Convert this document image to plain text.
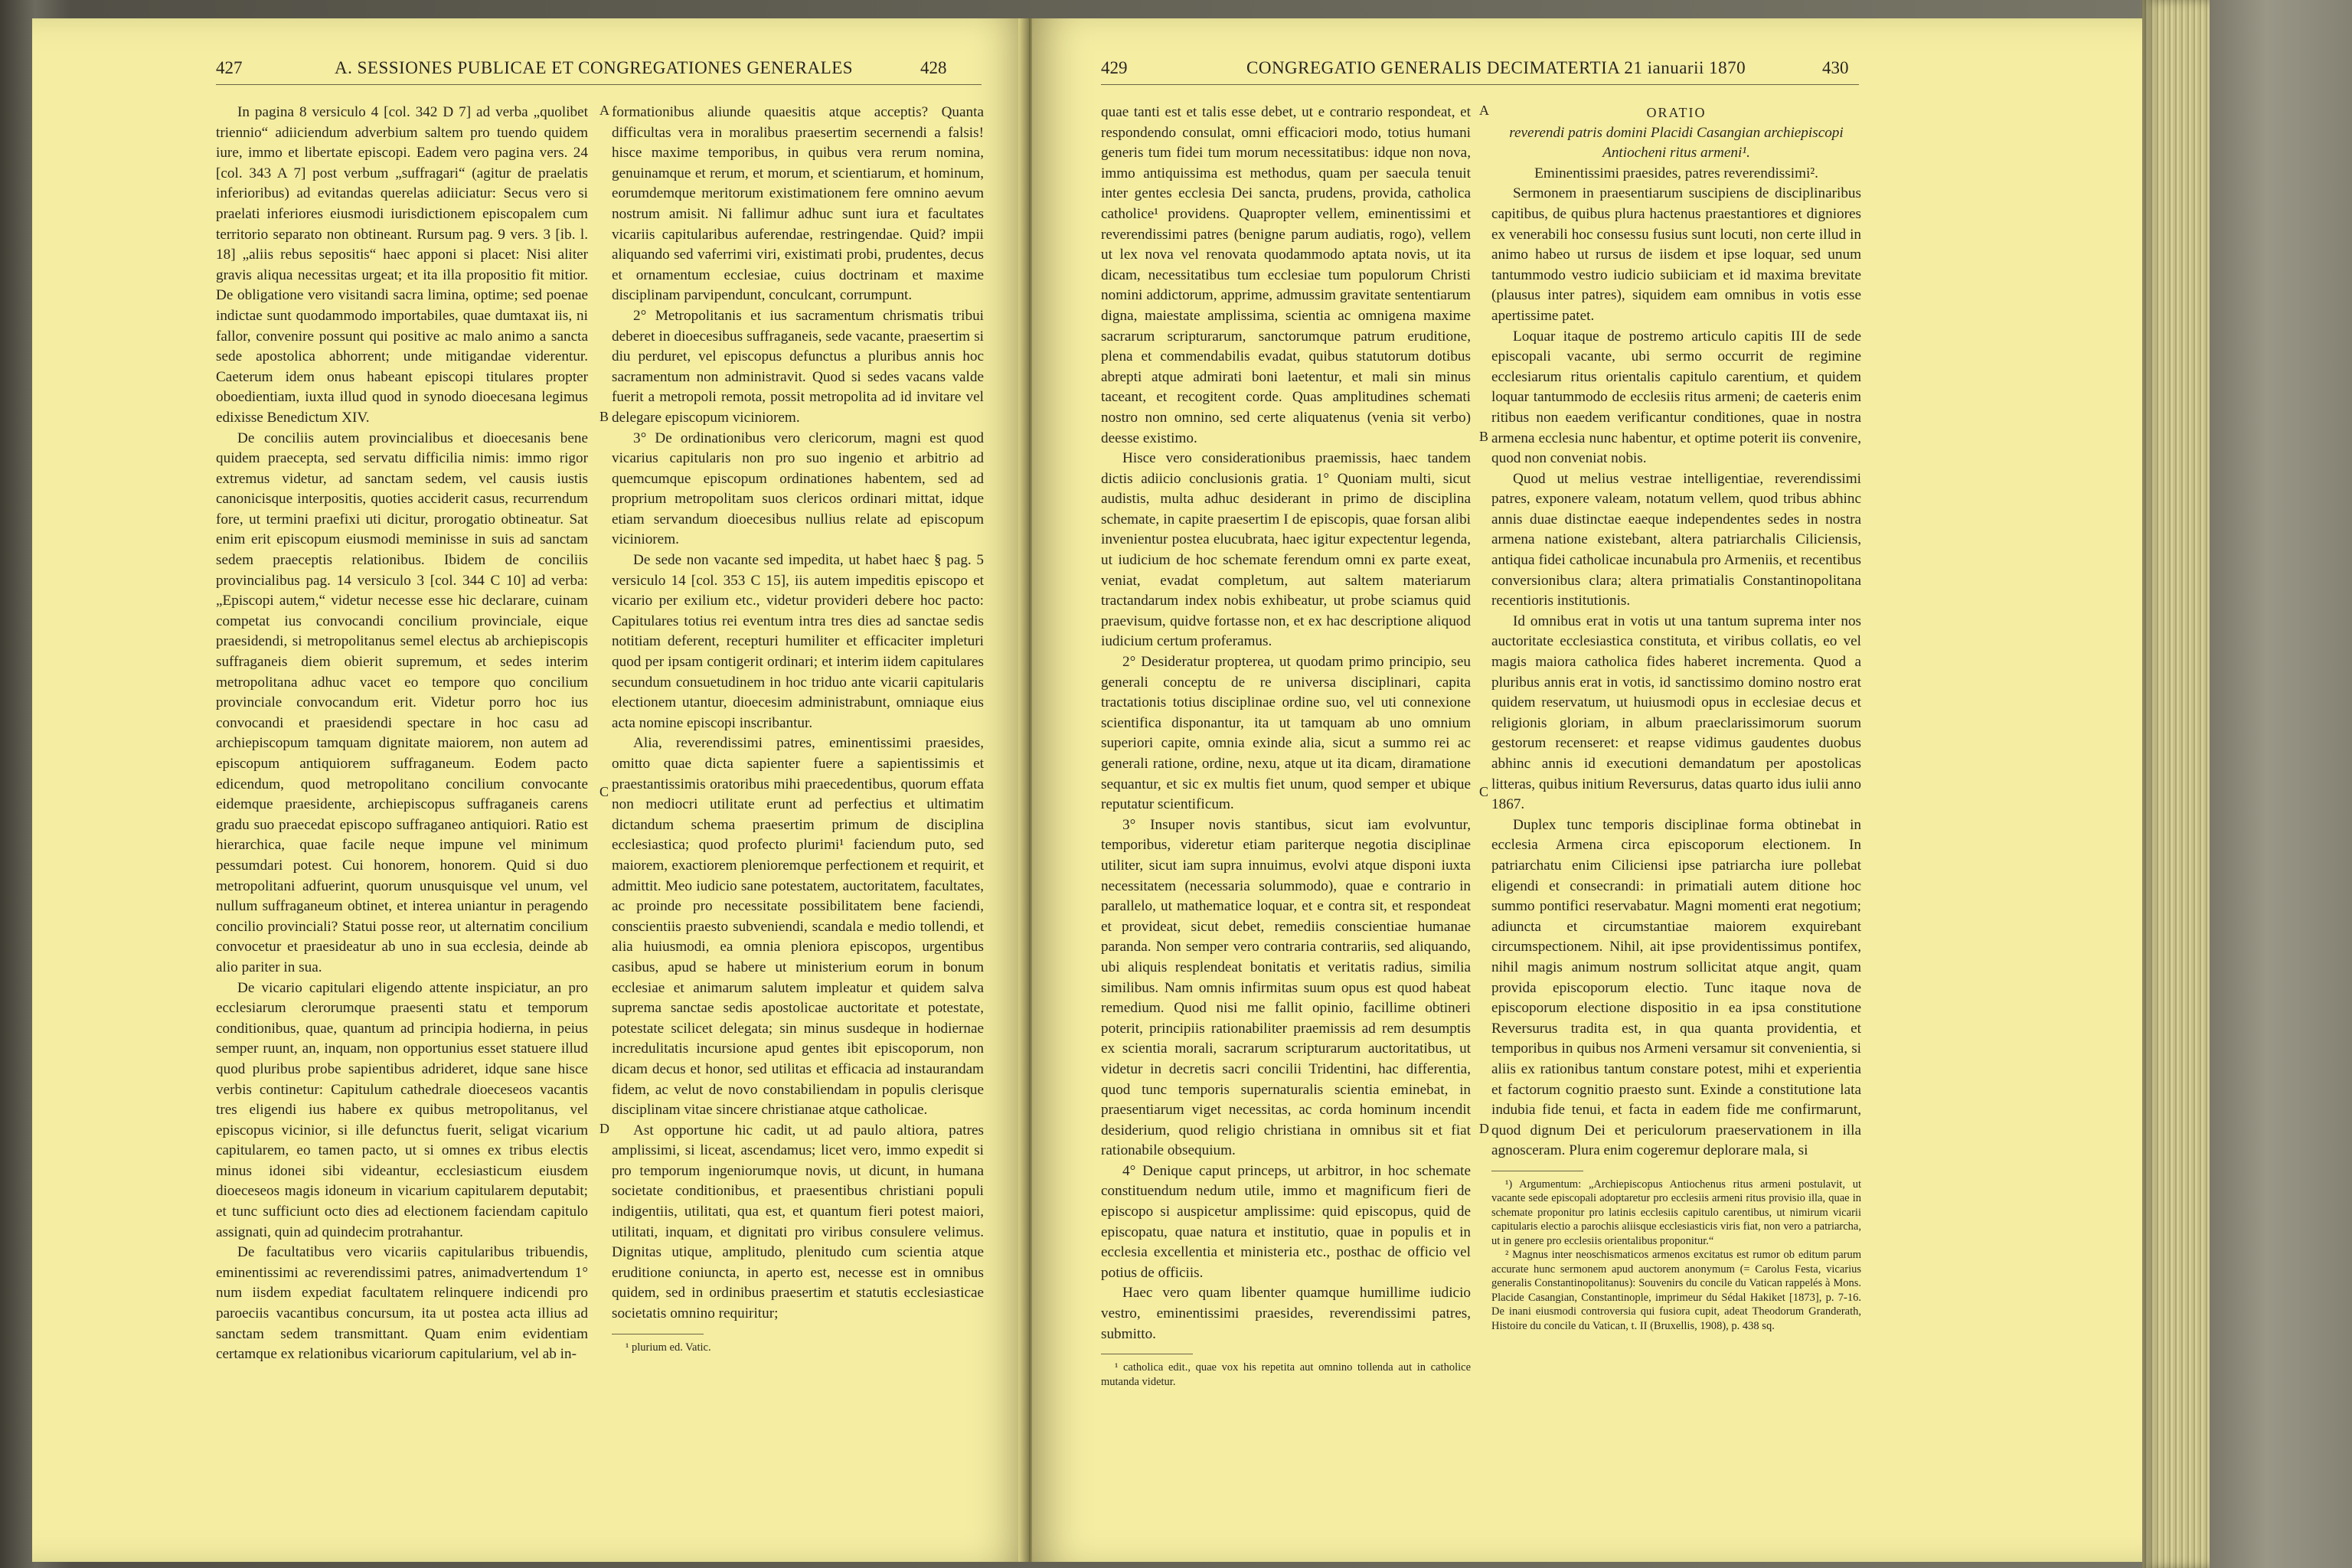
427	A. SESSIONES PUBLICAE ET CONGREGATIONES GENERALES	428

In pagina 8 versiculo 4 [col. 342 D 7] ad verba „quolibet triennio“ adiiciendum adverbium saltem pro tuendo quidem iure, immo et libertate episcopi. Eadem vero pagina vers. 24 [col. 343 A 7] post verbum „suffragari“ (agitur de praelatis inferioribus) ad evitandas querelas adiiciatur: Secus vero si praelati inferiores eiusmodi iurisdictionem episcopalem cum territorio separato non obtineant. Rursum pag. 9 vers. 3 [ib. l. 18] „aliis rebus sepositis“ haec apponi si placet: Nisi aliter gravis aliqua necessitas urgeat; et ita illa propositio fit mitior. De obligatione vero visitandi sacra limina, optime; sed poenae indictae sunt quodammodo importabiles, quae dumtaxat iis, ni fallor, convenire possunt qui positive ac malo animo a sancta sede apostolica abhorrent; unde mitigandae viderentur. Caeterum idem onus habeant episcopi titulares propter oboedientiam, iuxta illud quod in synodo dioecesana legimus edixisse Benedictum XIV.

De conciliis autem provincialibus et dioecesanis bene quidem praecepta, sed servatu difficilia nimis: immo rigor extremus videtur, ad sanctam sedem, vel causis iustis canonicisque interpositis, quoties acciderit casus, recurrendum fore, ut termini praefixi uti dicitur, prorogatio obtineatur. Sat enim erit episcopum eiusmodi meminisse in suis ad sanctam sedem praeceptis relationibus. Ibidem de conciliis provincialibus pag. 14 versiculo 3 [col. 344 C 10] ad verba: „Episcopi autem,“ videtur necesse esse hic declarare, cuinam competat ius convocandi concilium provinciale, eique praesidendi, si metropolitanus semel electus ab archiepiscopis suffraganeis diem obierit supremum, et sedes interim metropolitana adhuc vacet eo tempore quo concilium provinciale convocandum erit. Videtur porro hoc ius convocandi et praesidendi spectare in hoc casu ad archiepiscopum tamquam dignitate maiorem, non autem ad episcopum antiquiorem suffraganeum. Eodem pacto edicendum, quod metropolitano concilium convocante eidemque praesidente, archiepiscopus suffraganeis carens gradu suo praecedat episcopo suffraganeo antiquiori. Ratio est hierarchica, quae facile neque impune vel minimum pessumdari potest. Cui honorem, honorem. Quid si duo metropolitani adfuerint, quorum unusquisque vel unum, vel nullum suffraganeum obtinet, et interea uniantur in peragendo concilio provinciali? Statui posse reor, ut alternatim concilium convocetur et praesideatur ab uno in sua ecclesia, deinde ab alio pariter in sua.

De vicario capitulari eligendo attente inspiciatur, an pro ecclesiarum clerorumque praesenti statu et temporum conditionibus, quae, quantum ad principia hodierna, in peius semper ruunt, an, inquam, non opportunius esset statuere illud quod pluribus probe sapientibus adrideret, idque sane hisce verbis continetur: Capitulum cathedrale dioeceseos vacantis tres eligendi ius habere ex quibus metropolitanus, vel episcopus vicinior, si ille defunctus fuerit, seligat vicarium capitularem, eo tamen pacto, ut si omnes ex tribus electis minus idonei sibi videantur, ecclesiasticum eiusdem dioeceseos magis idoneum in vicarium capitularem deputabit; et tunc sufficiunt octo dies ad electionem faciendam capitulo assignati, quin ad quindecim protrahantur.

De facultatibus vero vicariis capitularibus tribuendis, eminentissimi ac reverendissimi patres, animadvertendum 1° num iisdem expediat facultatem relinquere indicendi pro paroeciis vacantibus concursum, ita ut postea acta illius ad sanctam sedem transmittant. Quam enim evidentiam certamque ex relationibus vicariorum capitularium, vel ab in-

A
B
C
D

formationibus aliunde quaesitis atque acceptis? Quanta difficultas vera in moralibus praesertim secernendi a falsis! hisce maxime temporibus, in quibus vera rerum nomina, genuinamque et rerum, et morum, et scientiarum, et hominum, eorumdemque meritorum existimationem fere omnino aevum nostrum amisit. Ni fallimur adhuc sunt iura et facultates vicariis capitularibus auferendae, restringendae. Quid? impii aliquando sed vaferrimi viri, existimati probi, prudentes, decus et ornamentum ecclesiae, cuius doctrinam et maxime disciplinam parvipendunt, conculcant, corrumpunt.

2° Metropolitanis et ius sacramentum chrismatis tribui deberet in dioecesibus suffraganeis, sede vacante, praesertim si diu perduret, vel episcopus defunctus a pluribus annis hoc sacramentum non administravit. Quod si sedes vacans valde fuerit a metropoli remota, possit metropolita ad id invitare vel delegare episcopum viciniorem.

3° De ordinationibus vero clericorum, magni est quod vicarius capitularis non pro suo ingenio et arbitrio ad quemcumque episcopum ordinationes habentem, sed ad proprium metropolitam suos clericos ordinari mittat, idque etiam servandum dioecesibus nullius relate ad episcopum viciniorem.

De sede non vacante sed impedita, ut habet haec § pag. 5 versiculo 14 [col. 353 C 15], iis autem impeditis episcopo et vicario per exilium etc., videtur provideri debere hoc pacto: Capitulares totius rei eventum intra tres dies ad sanctae sedis notitiam deferent, recepturi humiliter et efficaciter impleturi quod per ipsam contigerit ordinari; et interim iidem capitulares secundum consuetudinem in hoc triduo ante vicarii capitularis electionem utantur, dioecesim administrabunt, omniaque eius acta nomine episcopi inscribantur.

Alia, reverendissimi patres, eminentissimi praesides, omitto quae dicta sapienter fuere a sapientissimis et praestantissimis oratoribus mihi praecedentibus, quorum effata non mediocri utilitate erunt ad perfectius et ultimatim dictandum schema praesertim primum de disciplina ecclesiastica; quod profecto plurimi¹ faciendum puto, sed maiorem, exactiorem plenioremque perfectionem et requirit, et admittit. Meo iudicio sane potestatem, auctoritatem, facultates, ac proinde pro necessitate possibilitatem bene faciendi, conscientiis praesto subveniendi, scandala e medio tollendi, et alia huiusmodi, ea omnia pleniora episcopos, urgentibus casibus, apud se habere ut ministerium eorum in bonum ecclesiae et animarum salutem impleatur et quidem salva suprema sanctae sedis apostolicae auctoritate et potestate, potestate scilicet delegata; sin minus susdeque in hodiernae incredulitatis incursione apud gentes ibit episcoporum, non dicam decus et honor, sed utilitas et efficacia ad instaurandam fidem, ac velut de novo constabiliendam in populis clerisque disciplinam vitae sincere christianae atque catholicae.

Ast opportune hic cadit, ut ad paulo altiora, patres amplissimi, si liceat, ascendamus; licet vero, immo expedit si pro temporum ingeniorumque novis, ut dicunt, in humana societate conditionibus, et praesentibus christiani populi indigentiis, utilitati, qua est, et quantum fieri potest maiori, utilitati, inquam, et dignitati pro viribus consulere velimus. Dignitas utique, amplitudo, plenitudo cum scientia atque eruditione coniuncta, in aperto est, necesse est in omnibus quidem, sed in ordinibus praesertim et statutis ecclesiasticae societatis omnino requiritur;

¹ plurium ed. Vatic.

429	CONGREGATIO GENERALIS DECIMATERTIA 21 ianuarii 1870	430

quae tanti est et talis esse debet, ut e contrario respondeat, et respondendo consulat, omni efficaciori modo, totius humani generis tum fidei tum morum necessitatibus: idque non nova, immo antiquissima est methodus, quam per saecula tenuit inter gentes ecclesia Dei sancta, prudens, provida, catholica catholice¹ providens. Quapropter vellem, eminentissimi et reverendissimi patres (benigne parum audiatis, rogo), vellem ut lex nova vel renovata quodammodo aptata novis, ut ita dicam, necessitatibus tum ecclesiae tum populorum Christi nomini addictorum, apprime, admussim gravitate sententiarum digna, maiestate amplissima, scientia ac omnigena maxime sacrarum scripturarum, sanctorumque patrum eruditione, plena et commendabilis evadat, quibus statutorum dotibus abrepti atque admirati boni laetentur, et mali sin minus taceant, et recogitent corde. Quas amplitudines schemati nostro non omnino, sed certe aliquatenus (venia sit verbo) deesse existimo.

Hisce vero considerationibus praemissis, haec tandem dictis adiicio conclusionis gratia. 1° Quoniam multi, sicut audistis, multa adhuc desiderant in primo de disciplina schemate, in capite praesertim I de episcopis, quae forsan alibi invenientur postea elucubrata, haec igitur expectentur legenda, ut iudicium de hoc schemate ferendum omni ex parte exeat, veniat, evadat completum, aut saltem materiarum tractandarum index nobis exhibeatur, ut probe sciamus quid praevisum, quidve fortasse non, et ex hac descriptione aliquod iudicium certum proferamus.

2° Desideratur propterea, ut quodam primo principio, seu generali conceptu de re universa disciplinari, capita tractationis totius disciplinae ordine suo, vel uti connexione scientifica disponantur, ita ut tamquam ab uno omnium superiori capite, omnia exinde alia, sicut a summo rei ac generali ratione, ordine, nexu, atque ut ita dicam, diramatione sequantur, et sic ex multis fiet unum, quod semper et ubique reputatur scientificum.

3° Insuper novis stantibus, sicut iam evolvuntur, temporibus, videretur etiam pariterque negotia disciplinae utiliter, sicut iam supra innuimus, evolvi atque disponi iuxta necessitatem (necessaria solummodo), quae e contrario in parallelo, ut mathematice loquar, et e contra sit, et respondeat et provideat, sicut debet, remediis conscientiae humanae paranda. Non semper vero contraria contrariis, sed aliquando, ubi aliquis resplendeat bonitatis et veritatis radius, similia similibus. Nam omnis infirmitas suum opus est quod habeat remedium. Quod nisi me fallit opinio, facillime obtineri poterit, principiis rationabiliter praemissis ad rem desumptis ex scientia morali, sacrarum scripturarum auctoritatibus, ut videtur in decretis sacri concilii Tridentini, hac differentia, quod tunc temporis supernaturalis scientia eminebat, in praesentiarum viget necessitas, ac corda hominum incendit desiderium, quod religio christiana in omnibus sit et fiat rationabile obsequium.

4° Denique caput princeps, ut arbitror, in hoc schemate constituendum nedum utile, immo et magnificum fieri de episcopo si auspicetur amplissime: quid episcopus, quid de episcopatu, quae natura et institutio, quae in populis et in ecclesia excellentia et ministeria etc., posthac de officio vel potius de officiis.

Haec vero quam libenter quamque humillime iudicio vestro, eminentissimi praesides, reverendissimi patres, submitto.

¹ catholica edit., quae vox his repetita aut omnino tollenda aut in catholice mutanda videtur.

A
B
C
D

ORATIO

reverendi patris domini Placidi Casangian archiepiscopi Antiocheni ritus armeni¹.

Eminentissimi praesides, patres reverendissimi².

Sermonem in praesentiarum suscipiens de disciplinaribus capitibus, de quibus plura hactenus praestantiores et digniores ex venerabili hoc consessu fusius sunt locuti, non certe illud in animo habeo ut rursus de iisdem et ipse loquar, sed unum tantummodo vestro iudicio subiiciam et id maxima brevitate (plausus inter patres), siquidem eam omnibus in votis esse apertissime patet.

Loquar itaque de postremo articulo capitis III de sede episcopali vacante, ubi sermo occurrit de regimine ecclesiarum ritus orientalis capitulo carentium, et quidem loquar tantummodo de ecclesiis ritus armeni; de caeteris enim ritibus non eaedem verificantur conditiones, quae in nostra armena ecclesia nunc habentur, et optime poterit iis convenire, quod non conveniat nobis.

Quod ut melius vestrae intelligentiae, reverendissimi patres, exponere valeam, notatum vellem, quod tribus abhinc annis duae distinctae eaeque independentes sedes in nostra armena natione existebant, altera patriarchalis Ciliciensis, antiqua fidei catholicae incunabula pro Armeniis, et recentibus conversionibus clara; altera primatialis Constantinopolitana recentioris institutionis.

Id omnibus erat in votis ut una tantum suprema inter nos auctoritate ecclesiastica constituta, et viribus collatis, eo vel magis maiora catholica fides haberet incrementa. Quod a pluribus annis erat in votis, id sanctissimo domino nostro erat quidem reservatum, ut huiusmodi opus in ecclesiae decus et religionis gloriam, in album praeclarissimorum suorum gestorum recenseret: et reapse vidimus gaudentes duobus abhinc annis id executioni demandatum per apostolicas litteras, quibus initium Reversurus, datas quarto idus iulii anno 1867.

Duplex tunc temporis disciplinae forma obtinebat in ecclesia Armena circa episcoporum electionem. In patriarchatu enim Ciliciensi ipse patriarcha iure pollebat eligendi et consecrandi: in primatiali autem ditione hoc summo pontifici reservabatur. Magni momenti erat negotium; adiuncta et circumstantiae maiorem exquirebant circumspectionem. Nihil, ait ipse providentissimus pontifex, nihil magis animum nostrum sollicitat atque angit, quam provida episcoporum electio. Tunc itaque nova de episcoporum electione dispositio in ea ipsa constitutione Reversurus tradita est, in qua quanta providentia, et temporibus in quibus nos Armeni versamur sit convenientia, si aliis ex rationibus tantum constare potest, mihi et experientia et factorum cognitio praesto sunt. Exinde a constitutione lata indubia fide tenui, et facta in eadem fide me confirmarunt, quod dignum Dei et periculorum praeservationem in illa agnosceram. Plura enim cogeremur deplorare mala, si

¹) Argumentum: „Archiepiscopus Antiochenus ritus armeni postulavit, ut vacante sede episcopali adoptaretur pro ecclesiis armeni ritus provisio illa, quae in schemate proponitur pro latinis ecclesiis capitulo carentibus, ut nimirum vicarii capitularis electio a parochis aliisque ecclesiasticis viris fiat, non vero a patriarcha, ut in genere pro ecclesiis orientalibus proponitur.“

² Magnus inter neoschismaticos armenos excitatus est rumor ob editum parum accurate hunc sermonem apud auctorem anonymum (= Carolus Festa, vicarius generalis Constantinopolitanus): Souvenirs du concile du Vatican rappelés à Mons. Placide Casangian, Constantinople, imprimeur du Sédal Hakiket [1873], p. 7-16. De inani eiusmodi controversia qui fusiora cupit, adeat Theodorum Granderath, Histoire du concile du Vatican, t. II (Bruxellis, 1908), p. 438 sq.
